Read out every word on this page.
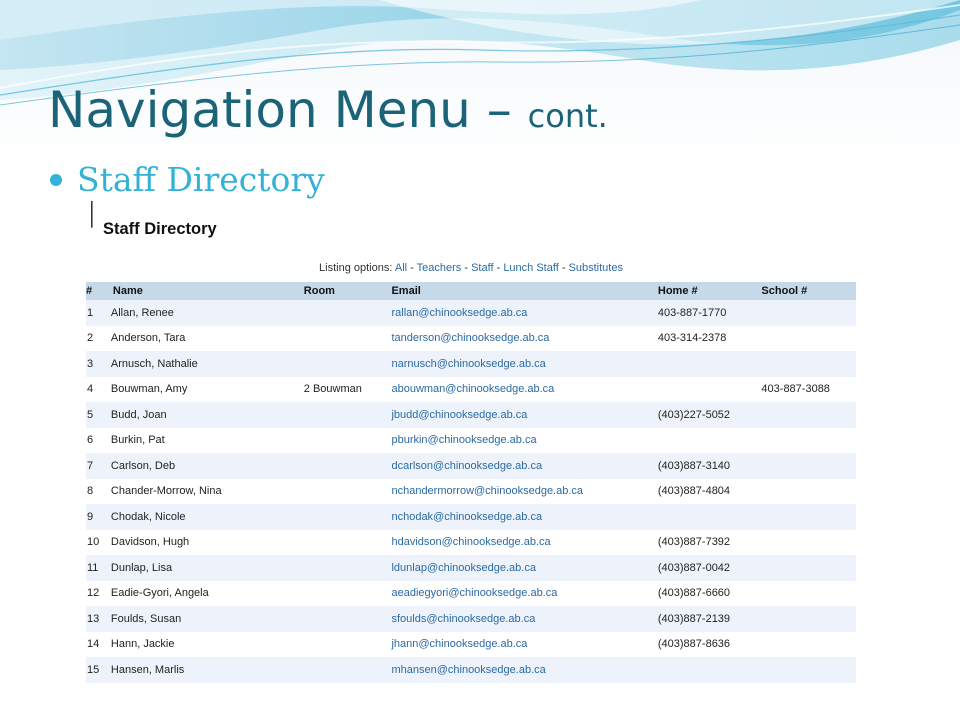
Navigation Menu – cont.
Staff Directory
│
Staff Directory
Listing options: All - Teachers - Staff - Lunch Staff - Substitutes
#	Name	Room	Email	Home #	School #
1	Allan, Renee		rallan@chinooksedge.ab.ca	403-887-1770	
2	Anderson, Tara		tanderson@chinooksedge.ab.ca	403-314-2378	
3	Arnusch, Nathalie		narnusch@chinooksedge.ab.ca		
4	Bouwman, Amy	2 Bouwman	abouwman@chinooksedge.ab.ca		403-887-3088
5	Budd, Joan		jbudd@chinooksedge.ab.ca	(403)227-5052	
6	Burkin, Pat		pburkin@chinooksedge.ab.ca		
7	Carlson, Deb		dcarlson@chinooksedge.ab.ca	(403)887-3140	
8	Chander-Morrow, Nina		nchandermorrow@chinooksedge.ab.ca	(403)887-4804	
9	Chodak, Nicole		nchodak@chinooksedge.ab.ca		
10	Davidson, Hugh		hdavidson@chinooksedge.ab.ca	(403)887-7392	
11	Dunlap, Lisa		ldunlap@chinooksedge.ab.ca	(403)887-0042	
12	Eadie-Gyori, Angela		aeadiegyori@chinooksedge.ab.ca	(403)887-6660	
13	Foulds, Susan		sfoulds@chinooksedge.ab.ca	(403)887-2139	
14	Hann, Jackie		jhann@chinooksedge.ab.ca	(403)887-8636	
15	Hansen, Marlis		mhansen@chinooksedge.ab.ca		
